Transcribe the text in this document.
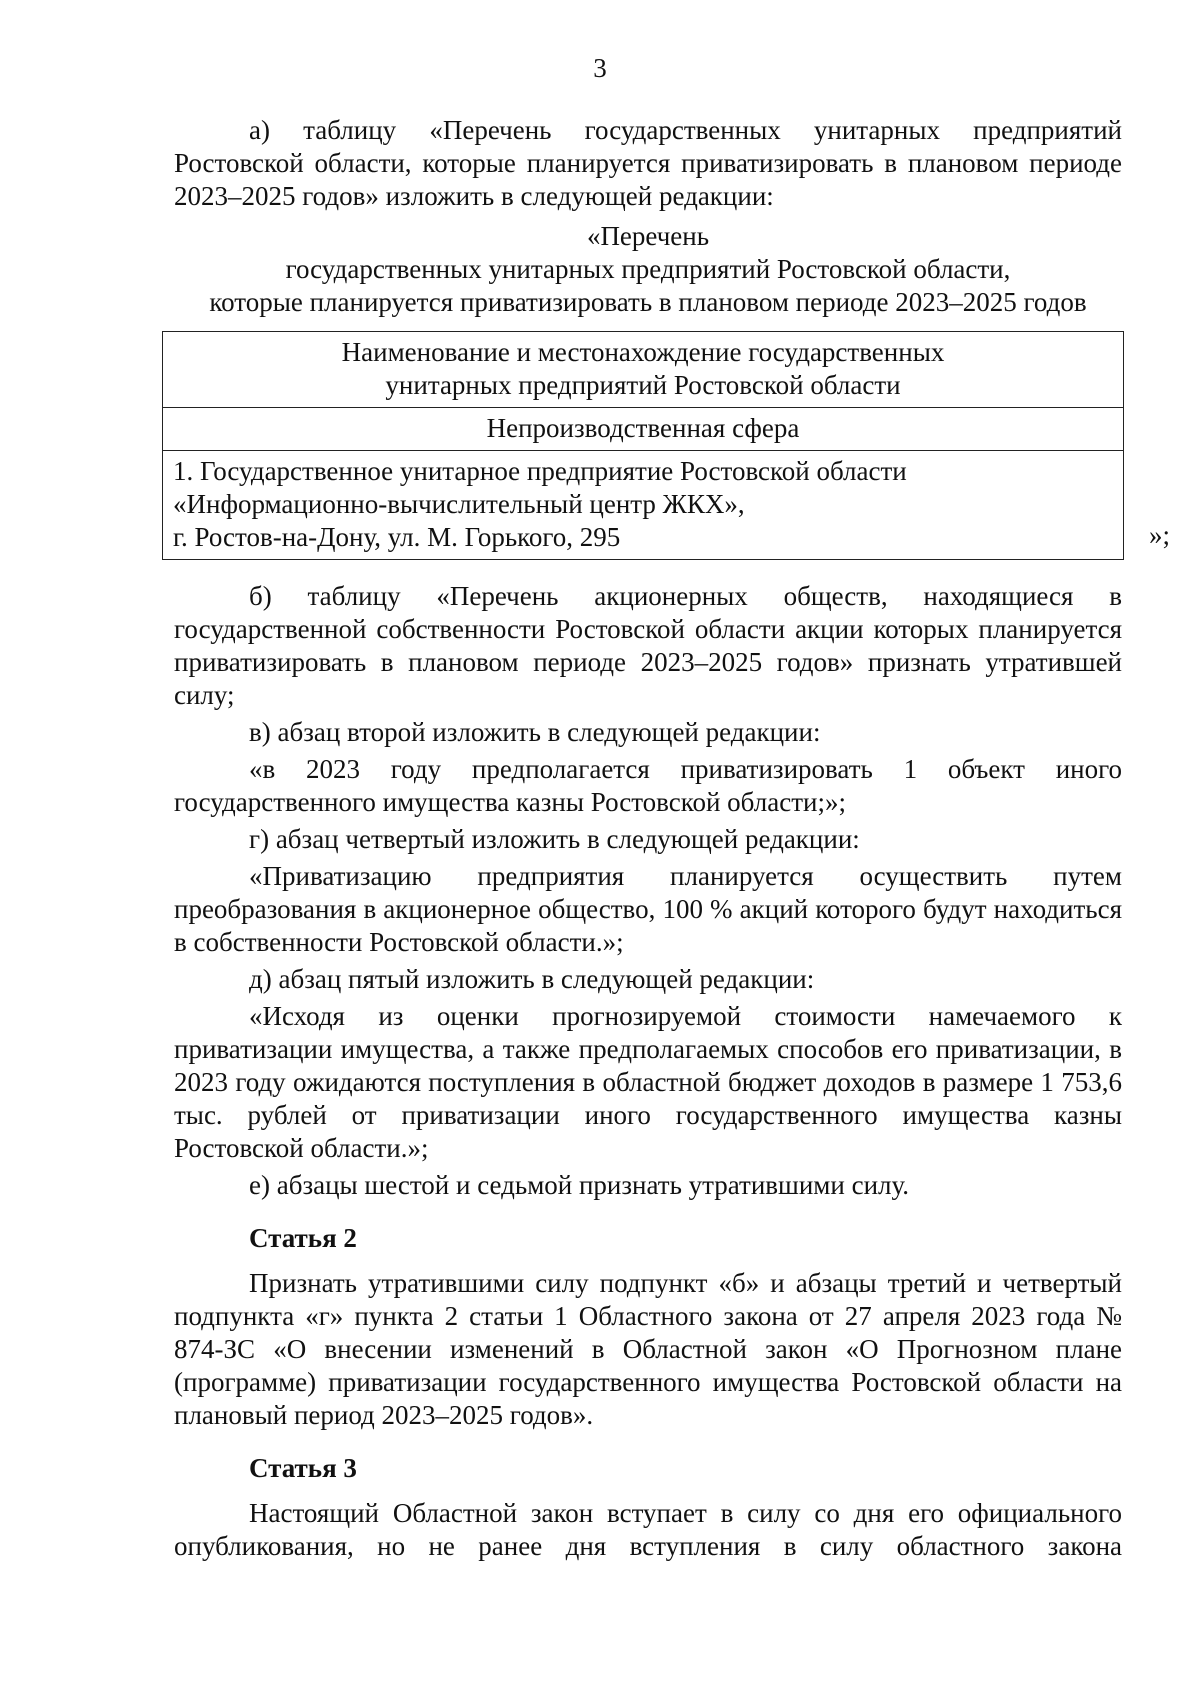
3

а) таблицу «Перечень государственных унитарных предприятий Ростовской области, которые планируется приватизировать в плановом периоде 2023–2025 годов» изложить в следующей редакции:

«Перечень
государственных унитарных предприятий Ростовской области,
которые планируется приватизировать в плановом периоде 2023–2025 годов
Наименование и местонахождение государственных
унитарных предприятий Ростовской области

Непроизводственная сфера

1. Государственное унитарное предприятие Ростовской области
«Информационно-вычислительный центр ЖКХ»,
г. Ростов-на-Дону, ул. М. Горького, 295	»;

б) таблицу «Перечень акционерных обществ, находящиеся в государственной собственности Ростовской области акции которых планируется приватизировать в плановом периоде 2023–2025 годов» признать утратившей силу;

в) абзац второй изложить в следующей редакции:

«в 2023 году предполагается приватизировать 1 объект иного государственного имущества казны Ростовской области;»;

г) абзац четвертый изложить в следующей редакции:

«Приватизацию предприятия планируется осуществить путем преобразования в акционерное общество, 100 % акций которого будут находиться в собственности Ростовской области.»;

д) абзац пятый изложить в следующей редакции:

«Исходя из оценки прогнозируемой стоимости намечаемого к приватизации имущества, а также предполагаемых способов его приватизации, в 2023 году ожидаются поступления в областной бюджет доходов в размере 1 753,6 тыс. рублей от приватизации иного государственного имущества казны Ростовской области.»;

е) абзацы шестой и седьмой признать утратившими силу.

Статья 2

Признать утратившими силу подпункт «б» и абзацы третий и четвертый подпункта «г» пункта 2 статьи 1 Областного закона от 27 апреля 2023 года № 874-ЗС «О внесении изменений в Областной закон «О Прогнозном плане (программе) приватизации государственного имущества Ростовской области на плановый период 2023–2025 годов».

Статья 3

Настоящий Областной закон вступает в силу со дня его официального опубликования, но не ранее дня вступления в силу областного закона
